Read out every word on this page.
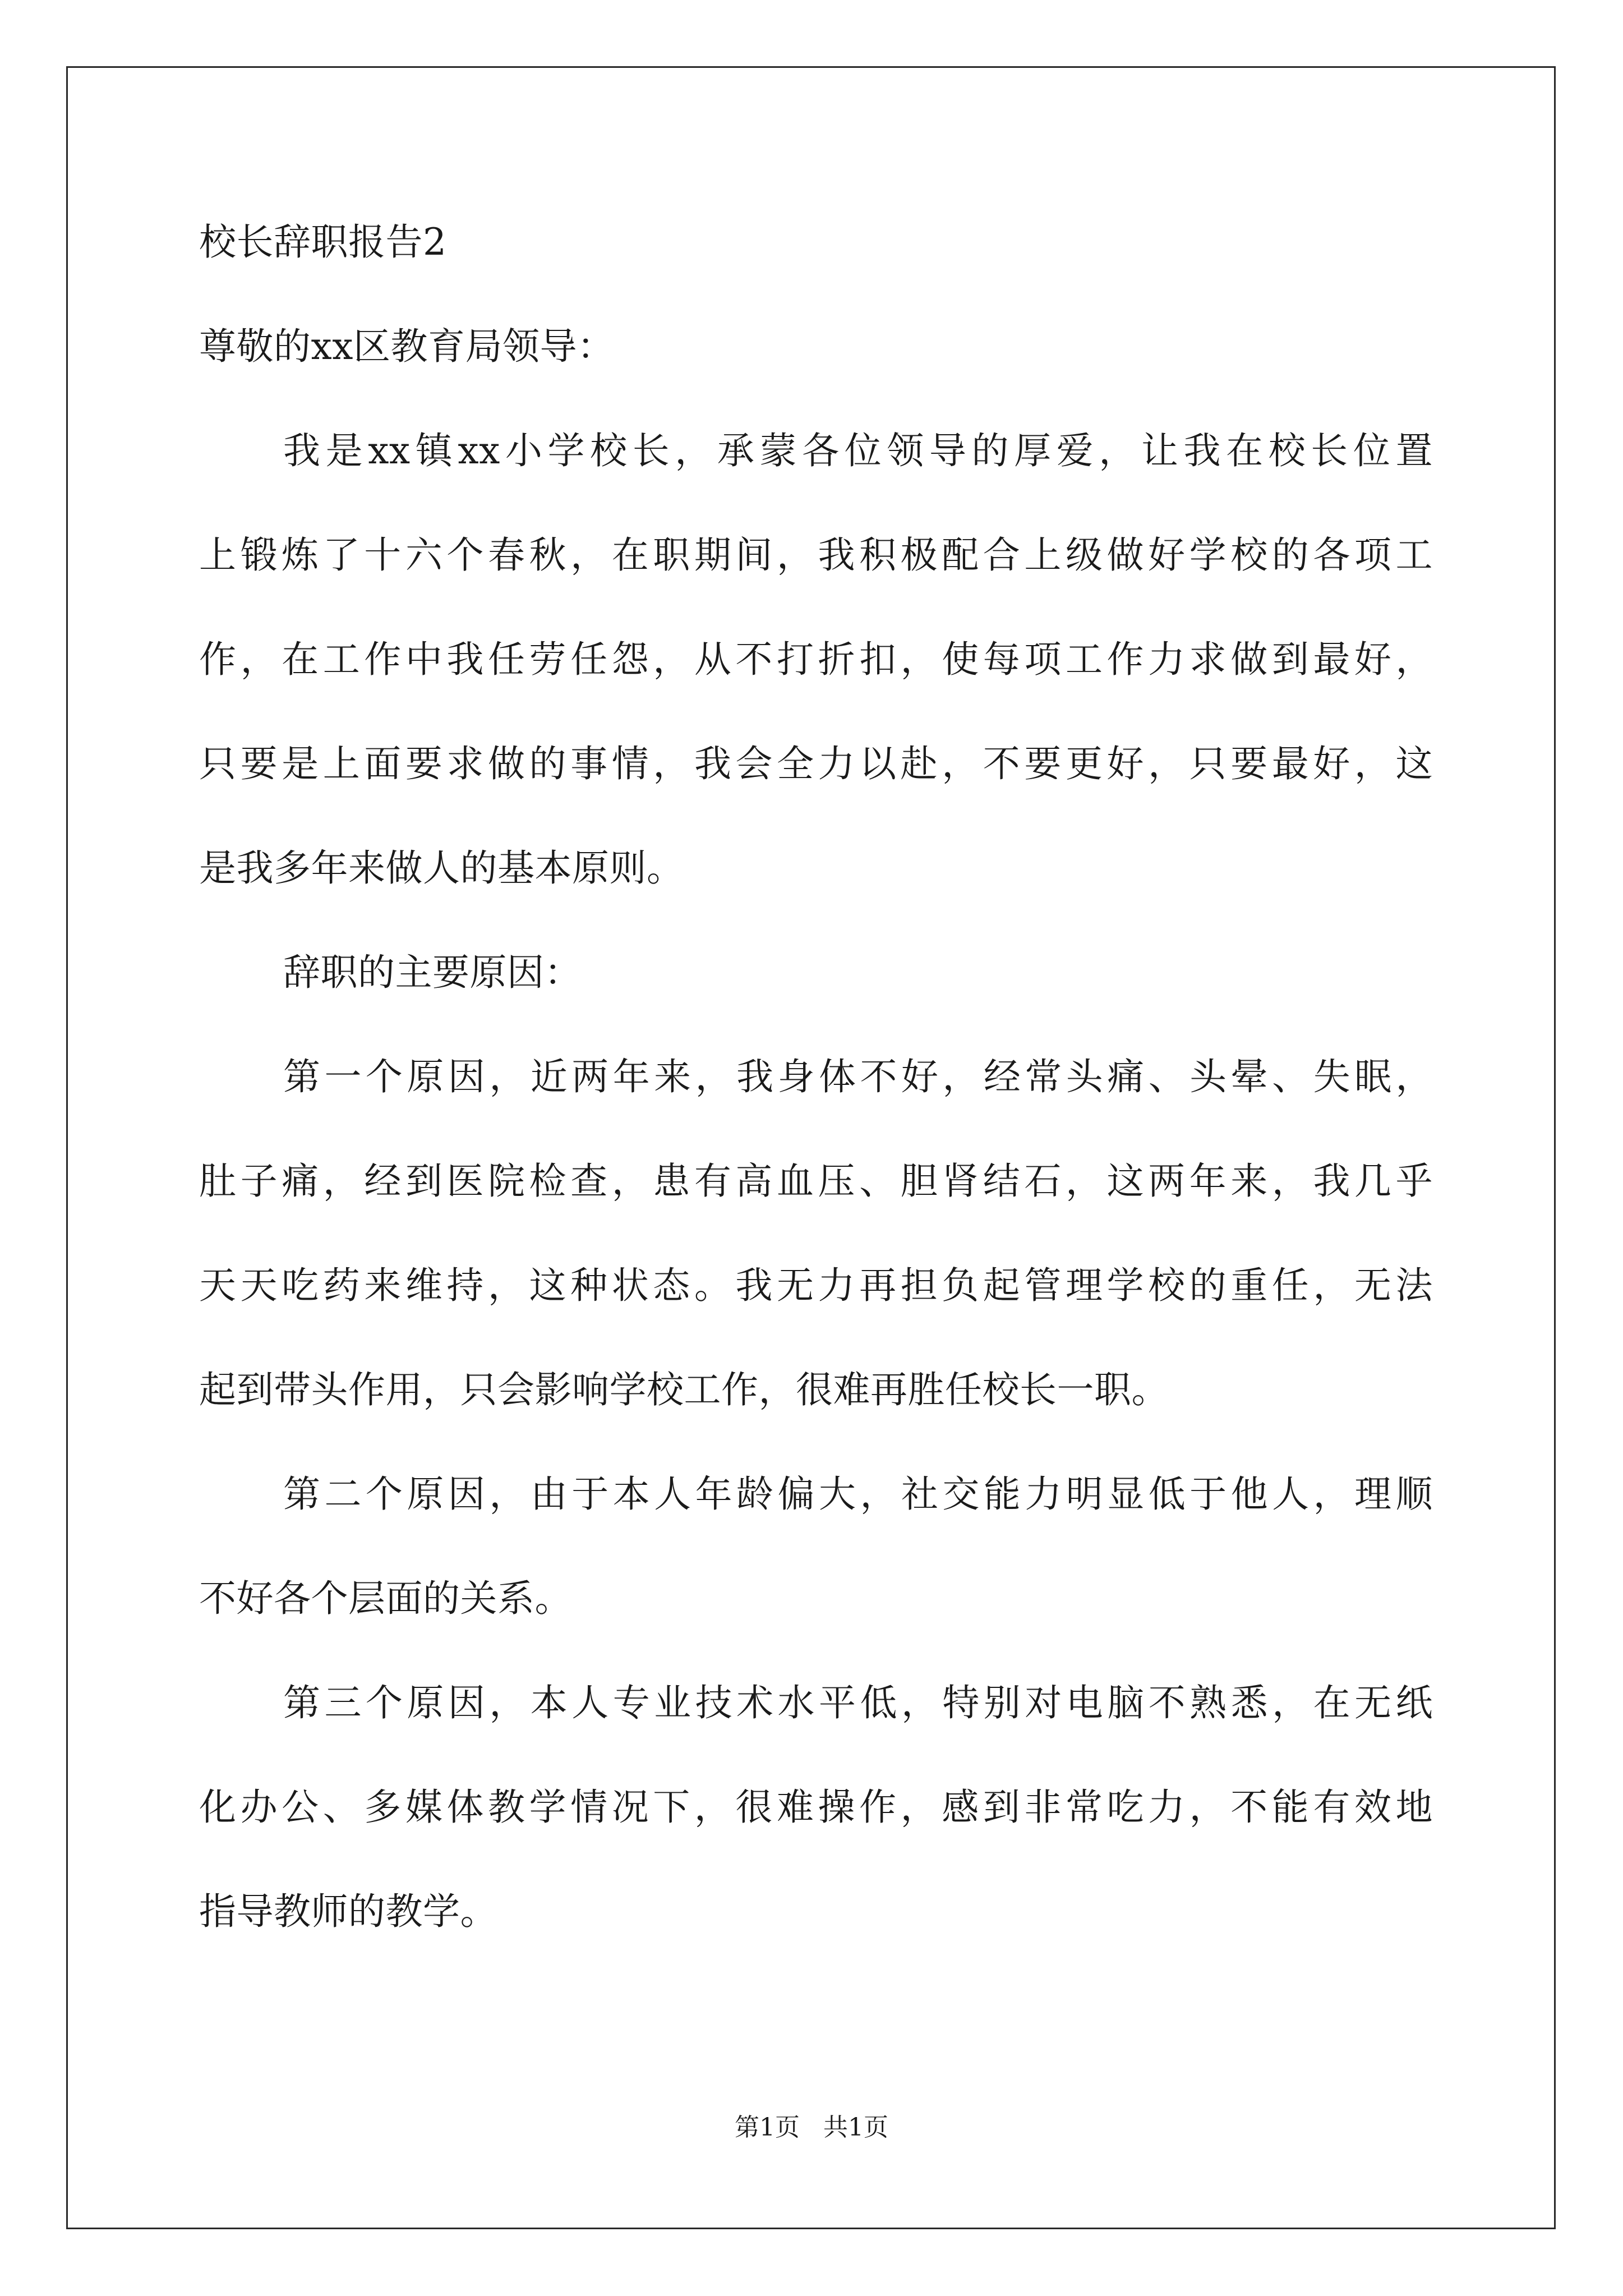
校长辞职报告2
尊敬的xx区教育局领导：
我是xx镇xx小学校长，承蒙各位领导的厚爱，让我在校长位置
上锻炼了十六个春秋，在职期间，我积极配合上级做好学校的各项工
作，在工作中我任劳任怨，从不打折扣，使每项工作力求做到最好，
只要是上面要求做的事情，我会全力以赴，不要更好，只要最好，这
是我多年来做人的基本原则。
辞职的主要原因：
第一个原因，近两年来，我身体不好，经常头痛、头晕、失眠，
肚子痛，经到医院检查，患有高血压、胆肾结石，这两年来，我几乎
天天吃药来维持，这种状态。我无力再担负起管理学校的重任，无法
起到带头作用，只会影响学校工作，很难再胜任校长一职。
第二个原因，由于本人年龄偏大，社交能力明显低于他人，理顺
不好各个层面的关系。
第三个原因，本人专业技术水平低，特别对电脑不熟悉，在无纸
化办公、多媒体教学情况下，很难操作，感到非常吃力，不能有效地
指导教师的教学。
第1页   共1页
